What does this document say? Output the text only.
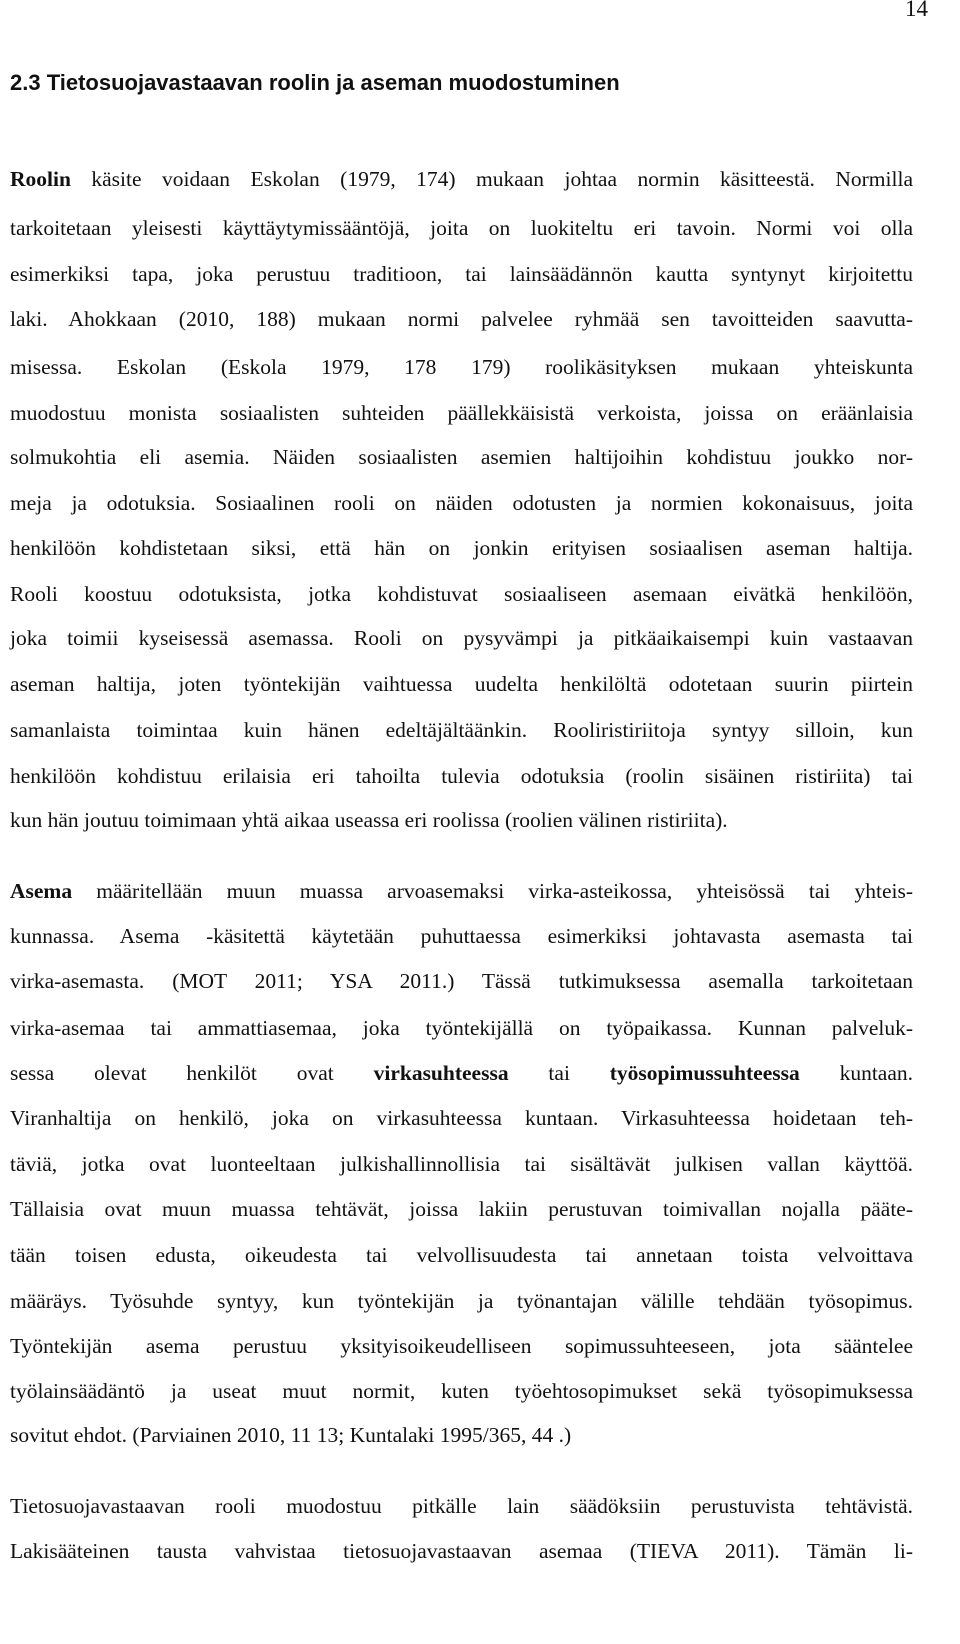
14
2.3 Tietosuojavastaavan roolin ja aseman muodostuminen
Roolin käsite voidaan Eskolan (1979, 174) mukaan johtaa normin käsitteestä. Normilla
tarkoitetaan yleisesti käyttäytymissääntöjä, joita on luokiteltu eri tavoin. Normi voi olla
esimerkiksi tapa, joka perustuu traditioon, tai lainsäädännön kautta syntynyt kirjoitettu
laki. Ahokkaan (2010, 188) mukaan normi palvelee ryhmää sen tavoitteiden saavutta-
misessa. Eskolan (Eskola 1979, 178 179) roolikäsityksen mukaan yhteiskunta
muodostuu monista sosiaalisten suhteiden päällekkäisistä verkoista, joissa on eräänlaisia
solmukohtia eli asemia. Näiden sosiaalisten asemien haltijoihin kohdistuu joukko nor-
meja ja odotuksia. Sosiaalinen rooli on näiden odotusten ja normien kokonaisuus, joita
henkilöön kohdistetaan siksi, että hän on jonkin erityisen sosiaalisen aseman haltija.
Rooli koostuu odotuksista, jotka kohdistuvat sosiaaliseen asemaan eivätkä henkilöön,
joka toimii kyseisessä asemassa. Rooli on pysyvämpi ja pitkäaikaisempi kuin vastaavan
aseman haltija, joten työntekijän vaihtuessa uudelta henkilöltä odotetaan suurin piirtein
samanlaista toimintaa kuin hänen edeltäjältäänkin. Rooliristiriitoja syntyy silloin, kun
henkilöön kohdistuu erilaisia eri tahoilta tulevia odotuksia (roolin sisäinen ristiriita) tai
kun hän joutuu toimimaan yhtä aikaa useassa eri roolissa (roolien välinen ristiriita).
Asema määritellään muun muassa arvoasemaksi virka-asteikossa, yhteisössä tai yhteis-
kunnassa. Asema -käsitettä käytetään puhuttaessa esimerkiksi johtavasta asemasta tai
virka-asemasta. (MOT 2011; YSA 2011.) Tässä tutkimuksessa asemalla tarkoitetaan
virka-asemaa tai ammattiasemaa, joka työntekijällä on työpaikassa. Kunnan palveluk-
sessa olevat henkilöt ovat virkasuhteessa tai työsopimussuhteessa kuntaan.
Viranhaltija on henkilö, joka on virkasuhteessa kuntaan. Virkasuhteessa hoidetaan teh-
täviä, jotka ovat luonteeltaan julkishallinnollisia tai sisältävät julkisen vallan käyttöä.
Tällaisia ovat muun muassa tehtävät, joissa lakiin perustuvan toimivallan nojalla pääte-
tään toisen edusta, oikeudesta tai velvollisuudesta tai annetaan toista velvoittava
määräys. Työsuhde syntyy, kun työntekijän ja työnantajan välille tehdään työsopimus.
Työntekijän asema perustuu yksityisoikeudelliseen sopimussuhteeseen, jota sääntelee
työlainsäädäntö ja useat muut normit, kuten työehtosopimukset sekä työsopimuksessa
sovitut ehdot. (Parviainen 2010, 11 13; Kuntalaki 1995/365, 44 .)
Tietosuojavastaavan rooli muodostuu pitkälle lain säädöksiin perustuvista tehtävistä.
Lakisääteinen tausta vahvistaa tietosuojavastaavan asemaa (TIEVA 2011). Tämän li-
